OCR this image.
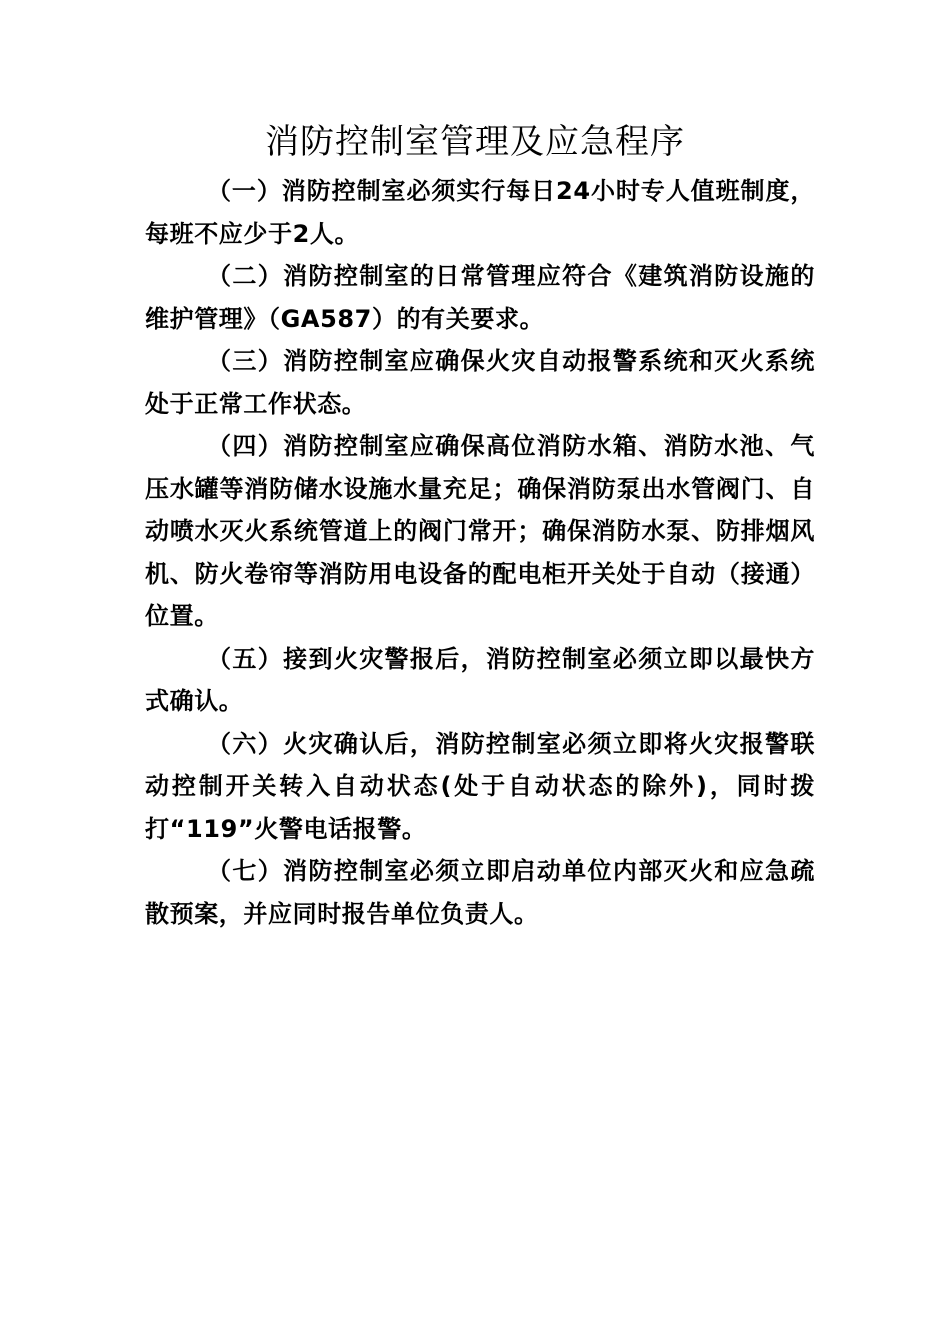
消防控制室管理及应急程序

（一）消防控制室必须实行每日24小时专人值班制度，每班不应少于2人。

（二）消防控制室的日常管理应符合《建筑消防设施的维护管理》（GA587）的有关要求。

（三）消防控制室应确保火灾自动报警系统和灭火系统处于正常工作状态。

（四）消防控制室应确保高位消防水箱、消防水池、气压水罐等消防储水设施水量充足；确保消防泵出水管阀门、自动喷水灭火系统管道上的阀门常开；确保消防水泵、防排烟风机、防火卷帘等消防用电设备的配电柜开关处于自动（接通）位置。

（五）接到火灾警报后，消防控制室必须立即以最快方式确认。

（六）火灾确认后，消防控制室必须立即将火灾报警联动控制开关转入自动状态(处于自动状态的除外)，同时拨打“119”火警电话报警。

（七）消防控制室必须立即启动单位内部灭火和应急疏散预案，并应同时报告单位负责人。
